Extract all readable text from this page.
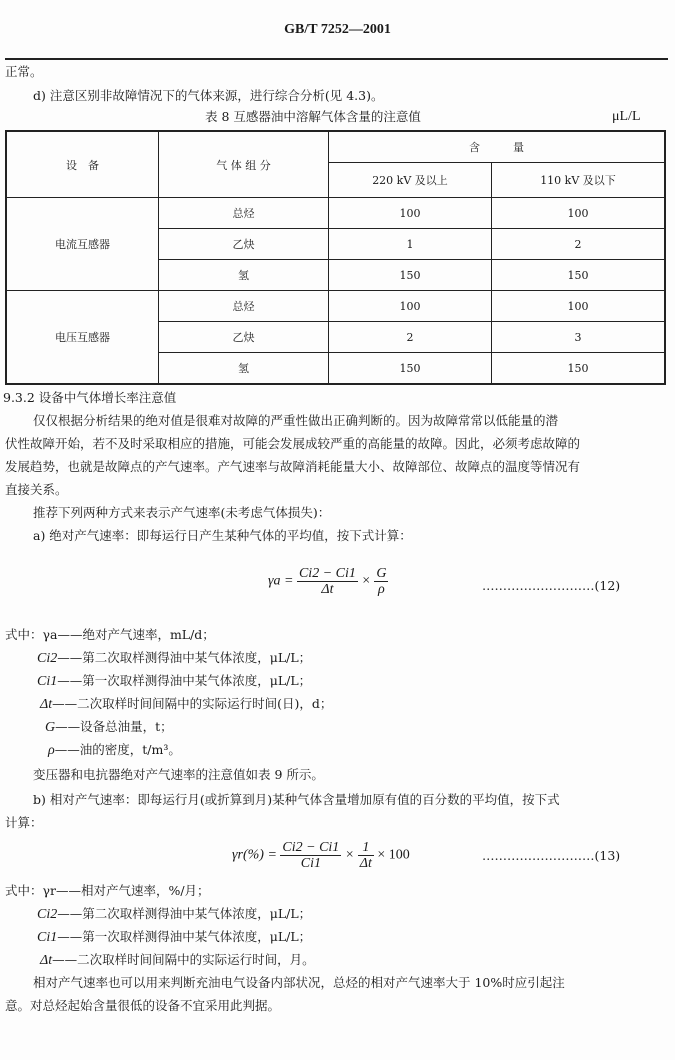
GB/T 7252—2001
正常。
d) 注意区别非故障情况下的气体来源，进行综合分析(见 4.3)。
表 8 互感器油中溶解气体含量的注意值	μL/L
设　备	气 体 组 分	含　　　量	
		220 kV 及以上	110 kV 及以下
电流互感器	总烃	100	100
	乙炔	1	2
	氢	150	150
电压互感器	总烃	100	100
	乙炔	2	3
	氢	150	150
9.3.2 设备中气体增长率注意值
仅仅根据分析结果的绝对值是很难对故障的严重性做出正确判断的。因为故障常常以低能量的潜
伏性故障开始，若不及时采取相应的措施，可能会发展成较严重的高能量的故障。因此，必须考虑故障的
发展趋势，也就是故障点的产气速率。产气速率与故障消耗能量大小、故障部位、故障点的温度等情况有
直接关系。
推荐下列两种方式来表示产气速率(未考虑气体损失)：
a) 绝对产气速率：即每运行日产生某种气体的平均值，按下式计算：
$\gamma a = \frac{Ci2 - Ci1}{\Delta t} \times \frac{G}{\rho}$	………………………(12)
式中：γa——绝对产气速率，mL/d；
Ci2——第二次取样测得油中某气体浓度，μL/L；
Ci1——第一次取样测得油中某气体浓度，μL/L；
Δt——二次取样时间间隔中的实际运行时间(日)，d；
G——设备总油量，t；
ρ——油的密度，t/m³。
变压器和电抗器绝对产气速率的注意值如表 9 所示。
b) 相对产气速率：即每运行月(或折算到月)某种气体含量增加原有值的百分数的平均值，按下式
计算：
$\gamma r(\%) = \frac{Ci2 - Ci1}{Ci1} \times \frac{1}{\Delta t} \times 100$	………………………(13)
式中：γr——相对产气速率，%/月；
Ci2——第二次取样测得油中某气体浓度，μL/L；
Ci1——第一次取样测得油中某气体浓度，μL/L；
Δt——二次取样时间间隔中的实际运行时间，月。
相对产气速率也可以用来判断充油电气设备内部状况，总烃的相对产气速率大于 10%时应引起注
意。对总烃起始含量很低的设备不宜采用此判据。
